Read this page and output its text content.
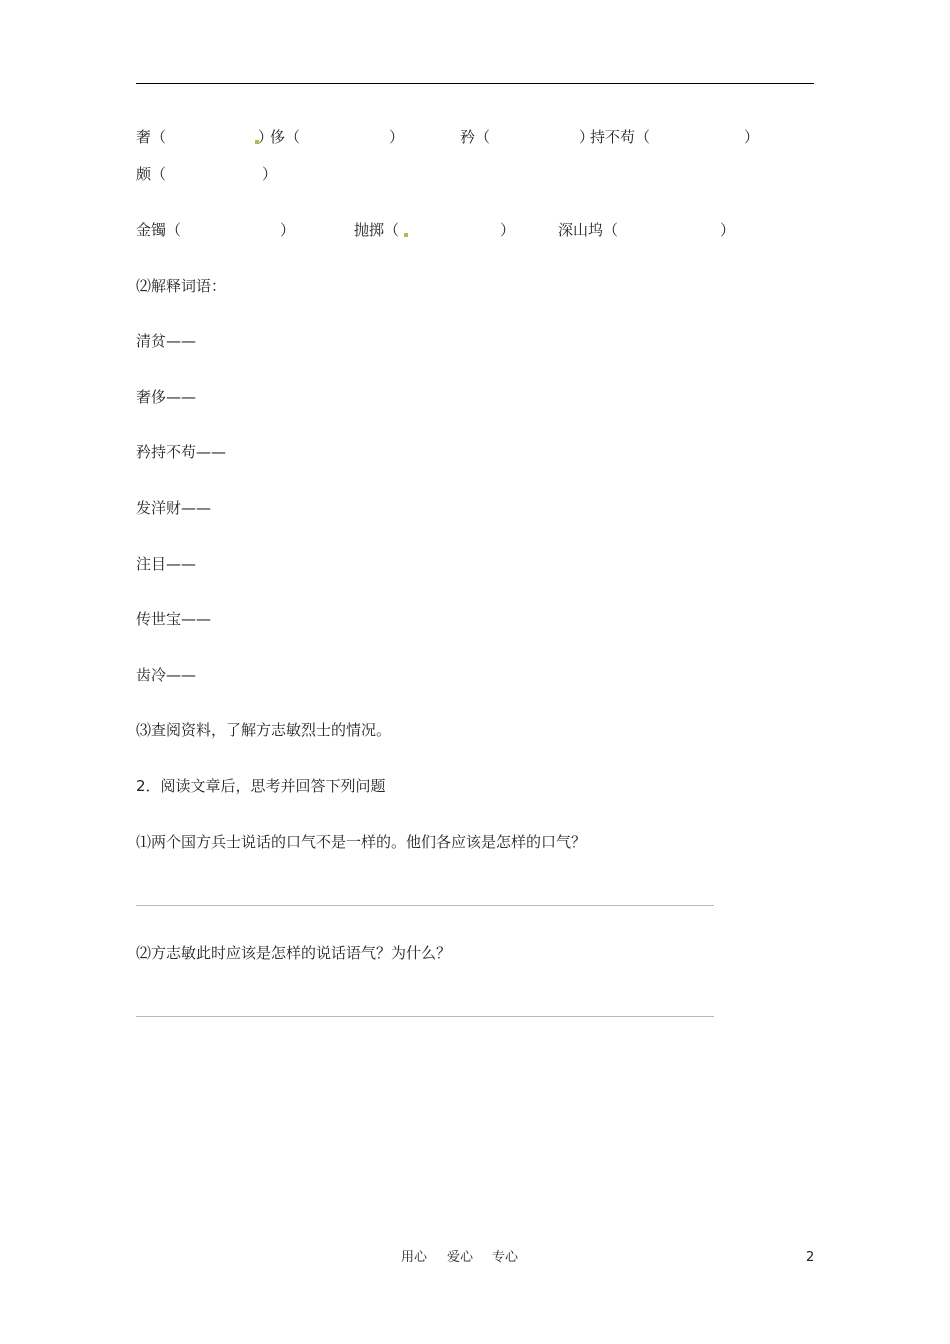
奢（	）
侈（	）	矜（	）
持不苟（	）
颇（	）
金镯（	）	抛掷（	）	深山坞（	）
⑵解释词语：
清贫——
奢侈——
矜持不苟——
发洋财——
注目——
传世宝——
齿冷——
⑶查阅资料，了解方志敏烈士的情况。
2．阅读文章后，思考并回答下列问题
⑴两个国方兵士说话的口气不是一样的。他们各应该是怎样的口气？
⑵方志敏此时应该是怎样的说话语气？为什么？
用心 爱心 专心	2
